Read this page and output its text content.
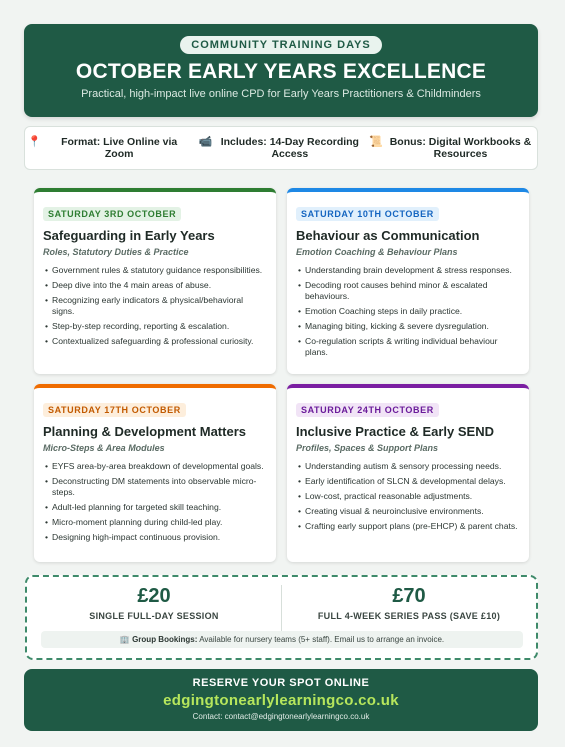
COMMUNITY TRAINING DAYS
OCTOBER EARLY YEARS EXCELLENCE
Practical, high-impact live online CPD for Early Years Practitioners & Childminders
📍	Format: Live Online via Zoom
📹 Includes: 14-Day Recording Access
📜 Bonus: Digital Workbooks & Resources
SATURDAY 3RD OCTOBER
Safeguarding in Early Years
Roles, Statutory Duties & Practice
• Government rules & statutory guidance responsibilities.
• Deep dive into the 4 main areas of abuse.
• Recognizing early indicators & physical/behavioral signs.
• Step-by-step recording, reporting & escalation.
• Contextualized safeguarding & professional curiosity.
SATURDAY 10TH OCTOBER
Behaviour as Communication
Emotion Coaching & Behaviour Plans
• Understanding brain development & stress responses.
• Decoding root causes behind minor & escalated behaviours.
• Emotion Coaching steps in daily practice.
• Managing biting, kicking & severe dysregulation.
• Co-regulation scripts & writing individual behaviour plans.
SATURDAY 17TH OCTOBER
Planning & Development Matters
Micro-Steps & Area Modules
• EYFS area-by-area breakdown of developmental goals.
• Deconstructing DM statements into observable micro-steps.
• Adult-led planning for targeted skill teaching.
• Micro-moment planning during child-led play.
• Designing high-impact continuous provision.
SATURDAY 24TH OCTOBER
Inclusive Practice & Early SEND
Profiles, Spaces & Support Plans
• Understanding autism & sensory processing needs.
• Early identification of SLCN & developmental delays.
• Low-cost, practical reasonable adjustments.
• Creating visual & neuroinclusive environments.
• Crafting early support plans (pre-EHCP) & parent chats.
£20
SINGLE FULL-DAY SESSION
£70
FULL 4-WEEK SERIES PASS (SAVE £10)
🏢 Group Bookings: Available for nursery teams (5+ staff). Email us to arrange an invoice.
RESERVE YOUR SPOT ONLINE
edgingtonearlylearningco.co.uk
Contact: contact@edgingtonearlylearningco.co.uk
